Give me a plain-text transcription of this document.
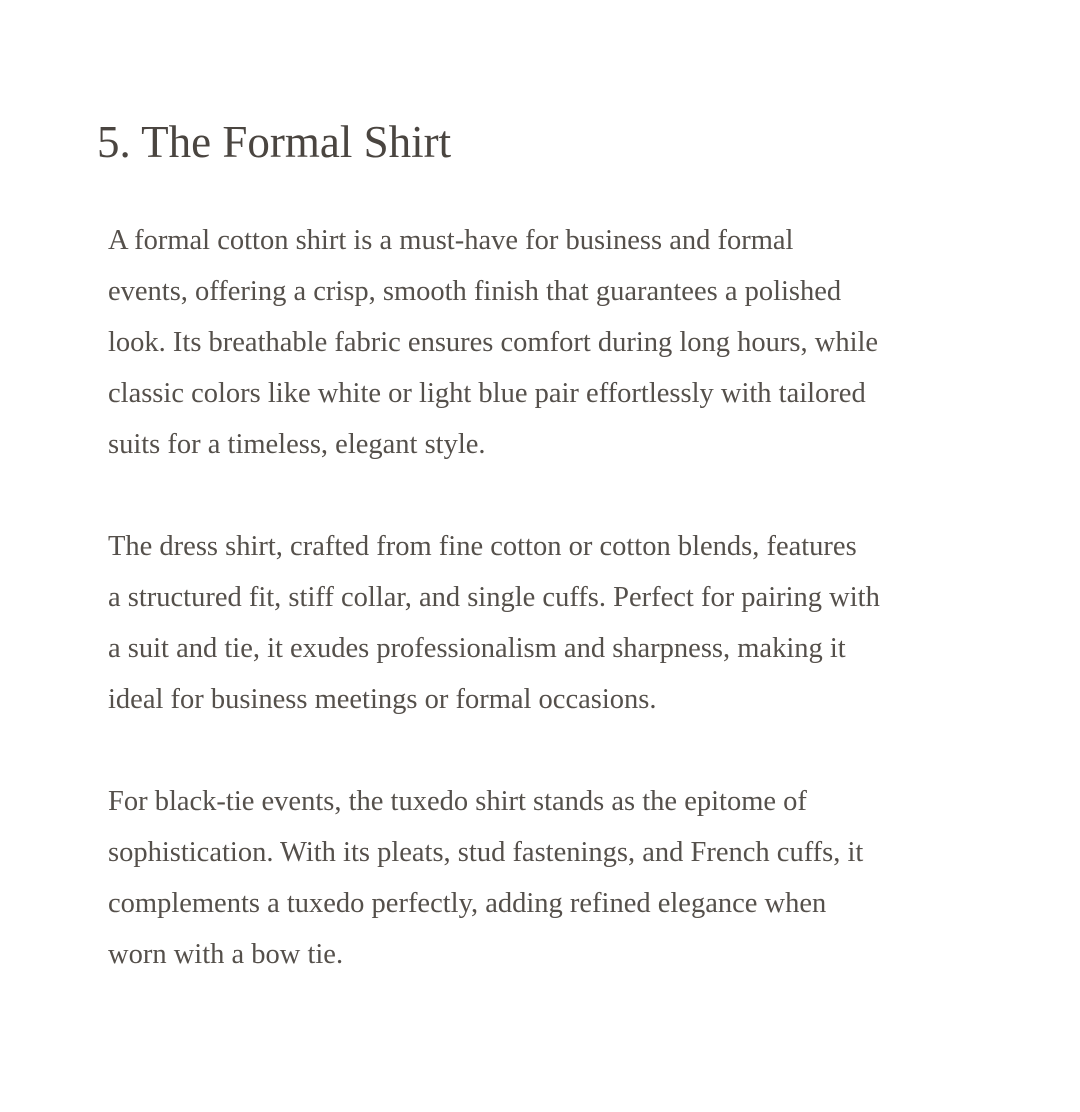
5. The Formal Shirt

A formal cotton shirt is a must-have for business and formal
events, offering a crisp, smooth finish that guarantees a polished
look. Its breathable fabric ensures comfort during long hours, while
classic colors like white or light blue pair effortlessly with tailored
suits for a timeless, elegant style.

The dress shirt, crafted from fine cotton or cotton blends, features
a structured fit, stiff collar, and single cuffs. Perfect for pairing with
a suit and tie, it exudes professionalism and sharpness, making it
ideal for business meetings or formal occasions.

For black-tie events, the tuxedo shirt stands as the epitome of
sophistication. With its pleats, stud fastenings, and French cuffs, it
complements a tuxedo perfectly, adding refined elegance when
worn with a bow tie.
